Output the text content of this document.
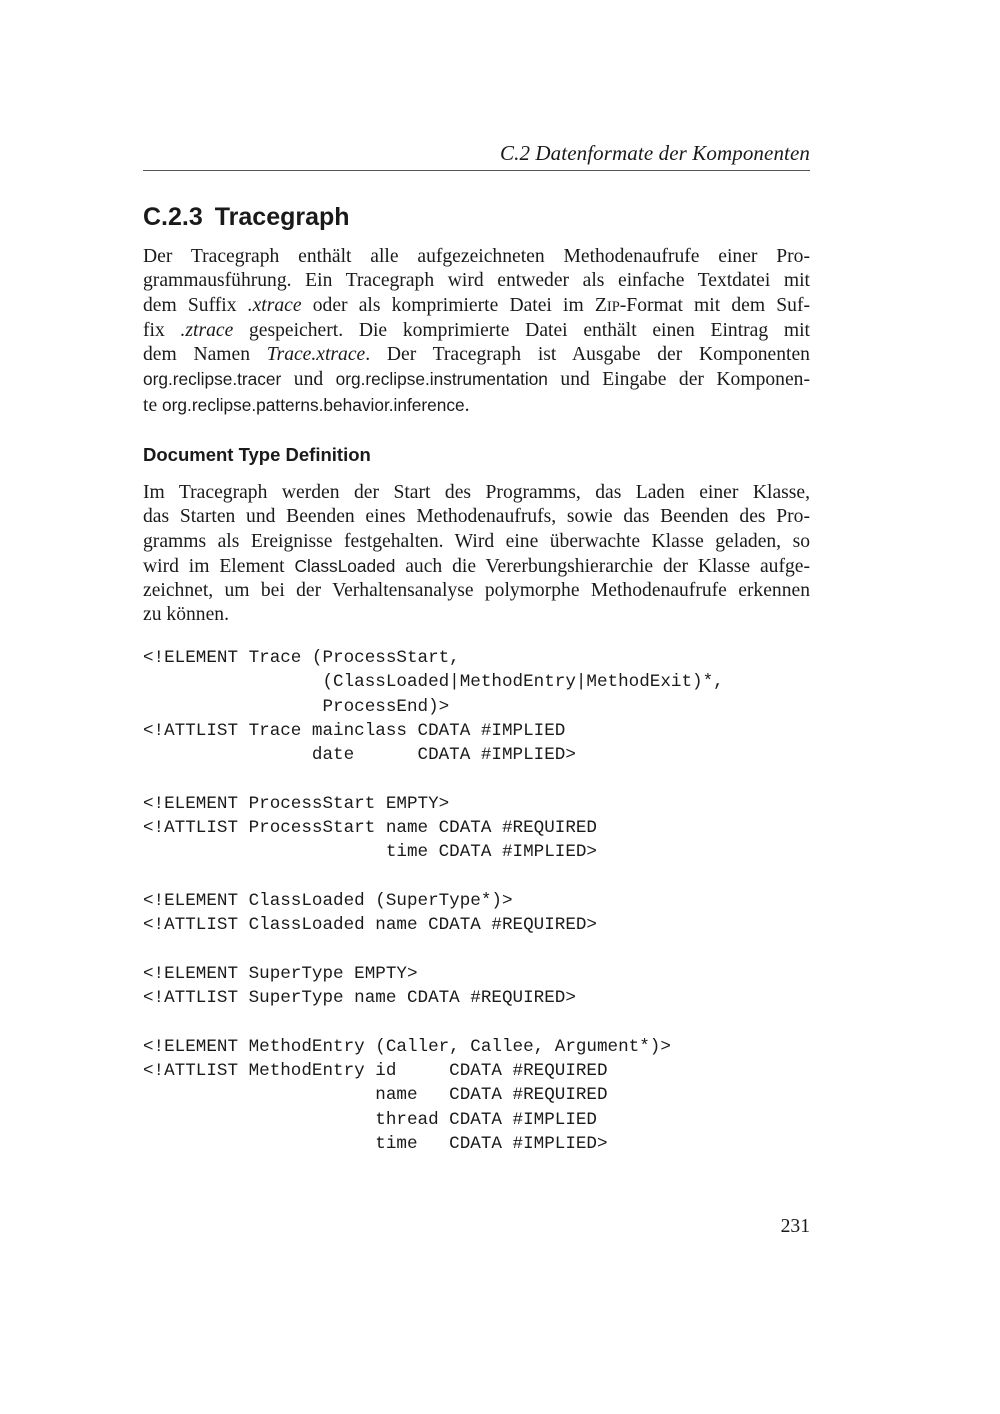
C.2 Datenformate der Komponenten
C.2.3 Tracegraph

Der Tracegraph enthält alle aufgezeichneten Methodenaufrufe einer Pro-
grammausführung. Ein Tracegraph wird entweder als einfache Textdatei mit
dem Suffix .xtrace oder als komprimierte Datei im ZIP-Format mit dem Suf-
fix .ztrace gespeichert. Die komprimierte Datei enthält einen Eintrag mit
dem Namen Trace.xtrace. Der Tracegraph ist Ausgabe der Komponenten
org.reclipse.tracer und org.reclipse.instrumentation und Eingabe der Komponen-
te org.reclipse.patterns.behavior.inference.

Document Type Definition

Im Tracegraph werden der Start des Programms, das Laden einer Klasse,
das Starten und Beenden eines Methodenaufrufs, sowie das Beenden des Pro-
gramms als Ereignisse festgehalten. Wird eine überwachte Klasse geladen, so
wird im Element ClassLoaded auch die Vererbungshierarchie der Klasse aufge-
zeichnet, um bei der Verhaltensanalyse polymorphe Methodenaufrufe erkennen
zu können.

<!ELEMENT Trace (ProcessStart,
(ClassLoaded|MethodEntry|MethodExit)*,
ProcessEnd)>
<!ATTLIST Trace mainclass CDATA #IMPLIED
date      CDATA #IMPLIED>
<!ELEMENT ProcessStart EMPTY>
<!ATTLIST ProcessStart name CDATA #REQUIRED
time CDATA #IMPLIED>
<!ELEMENT ClassLoaded (SuperType*)>
<!ATTLIST ClassLoaded name CDATA #REQUIRED>
<!ELEMENT SuperType EMPTY>
<!ATTLIST SuperType name CDATA #REQUIRED>
<!ELEMENT MethodEntry (Caller, Callee, Argument*)>
<!ATTLIST MethodEntry id     CDATA #REQUIRED
name   CDATA #REQUIRED
thread CDATA #IMPLIED
time   CDATA #IMPLIED>
231
